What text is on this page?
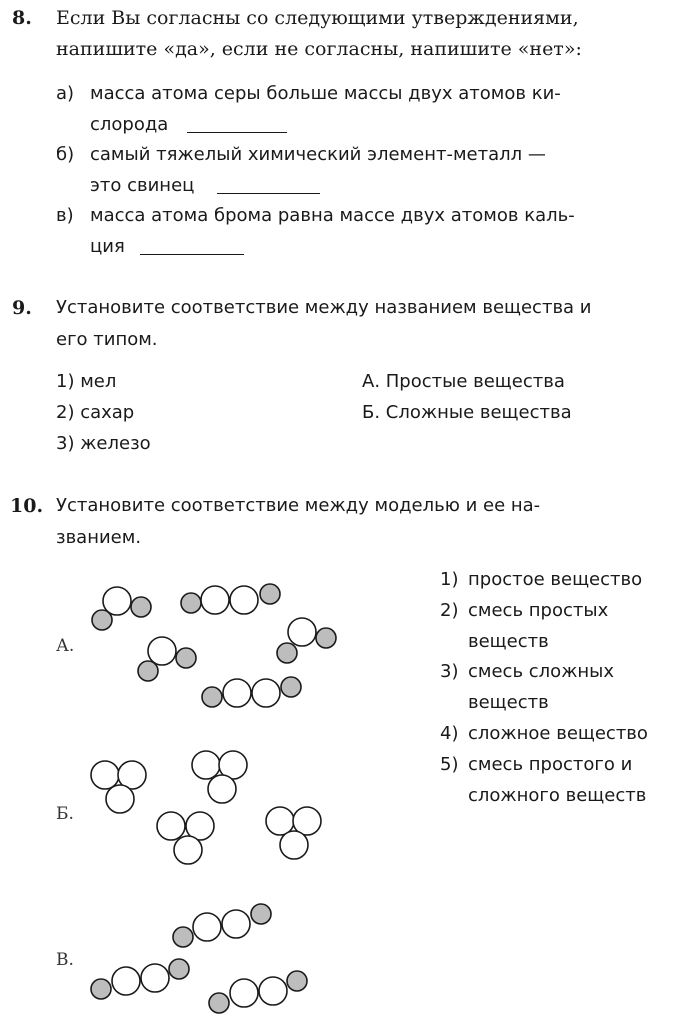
8. Если Вы согласны со следующими утверждениями,
напишите «да», если не согласны, напишите «нет»:
а) масса атома серы больше массы двух атомов ки-
слорода
б) самый тяжелый химический элемент-металл —
это свинец
в) масса атома брома равна массе двух атомов каль-
ция
9. Установите соответствие между названием вещества и
его типом.
1) мел
2) сахар
3) железо
А. Простые вещества
Б. Сложные вещества
10. Установите соответствие между моделью и ее на-
званием.
А.
Б.
В.
1) простое вещество
2) смесь простых
веществ
3) смесь сложных
веществ
4) сложное вещество
5) смесь простого и
сложного веществ
